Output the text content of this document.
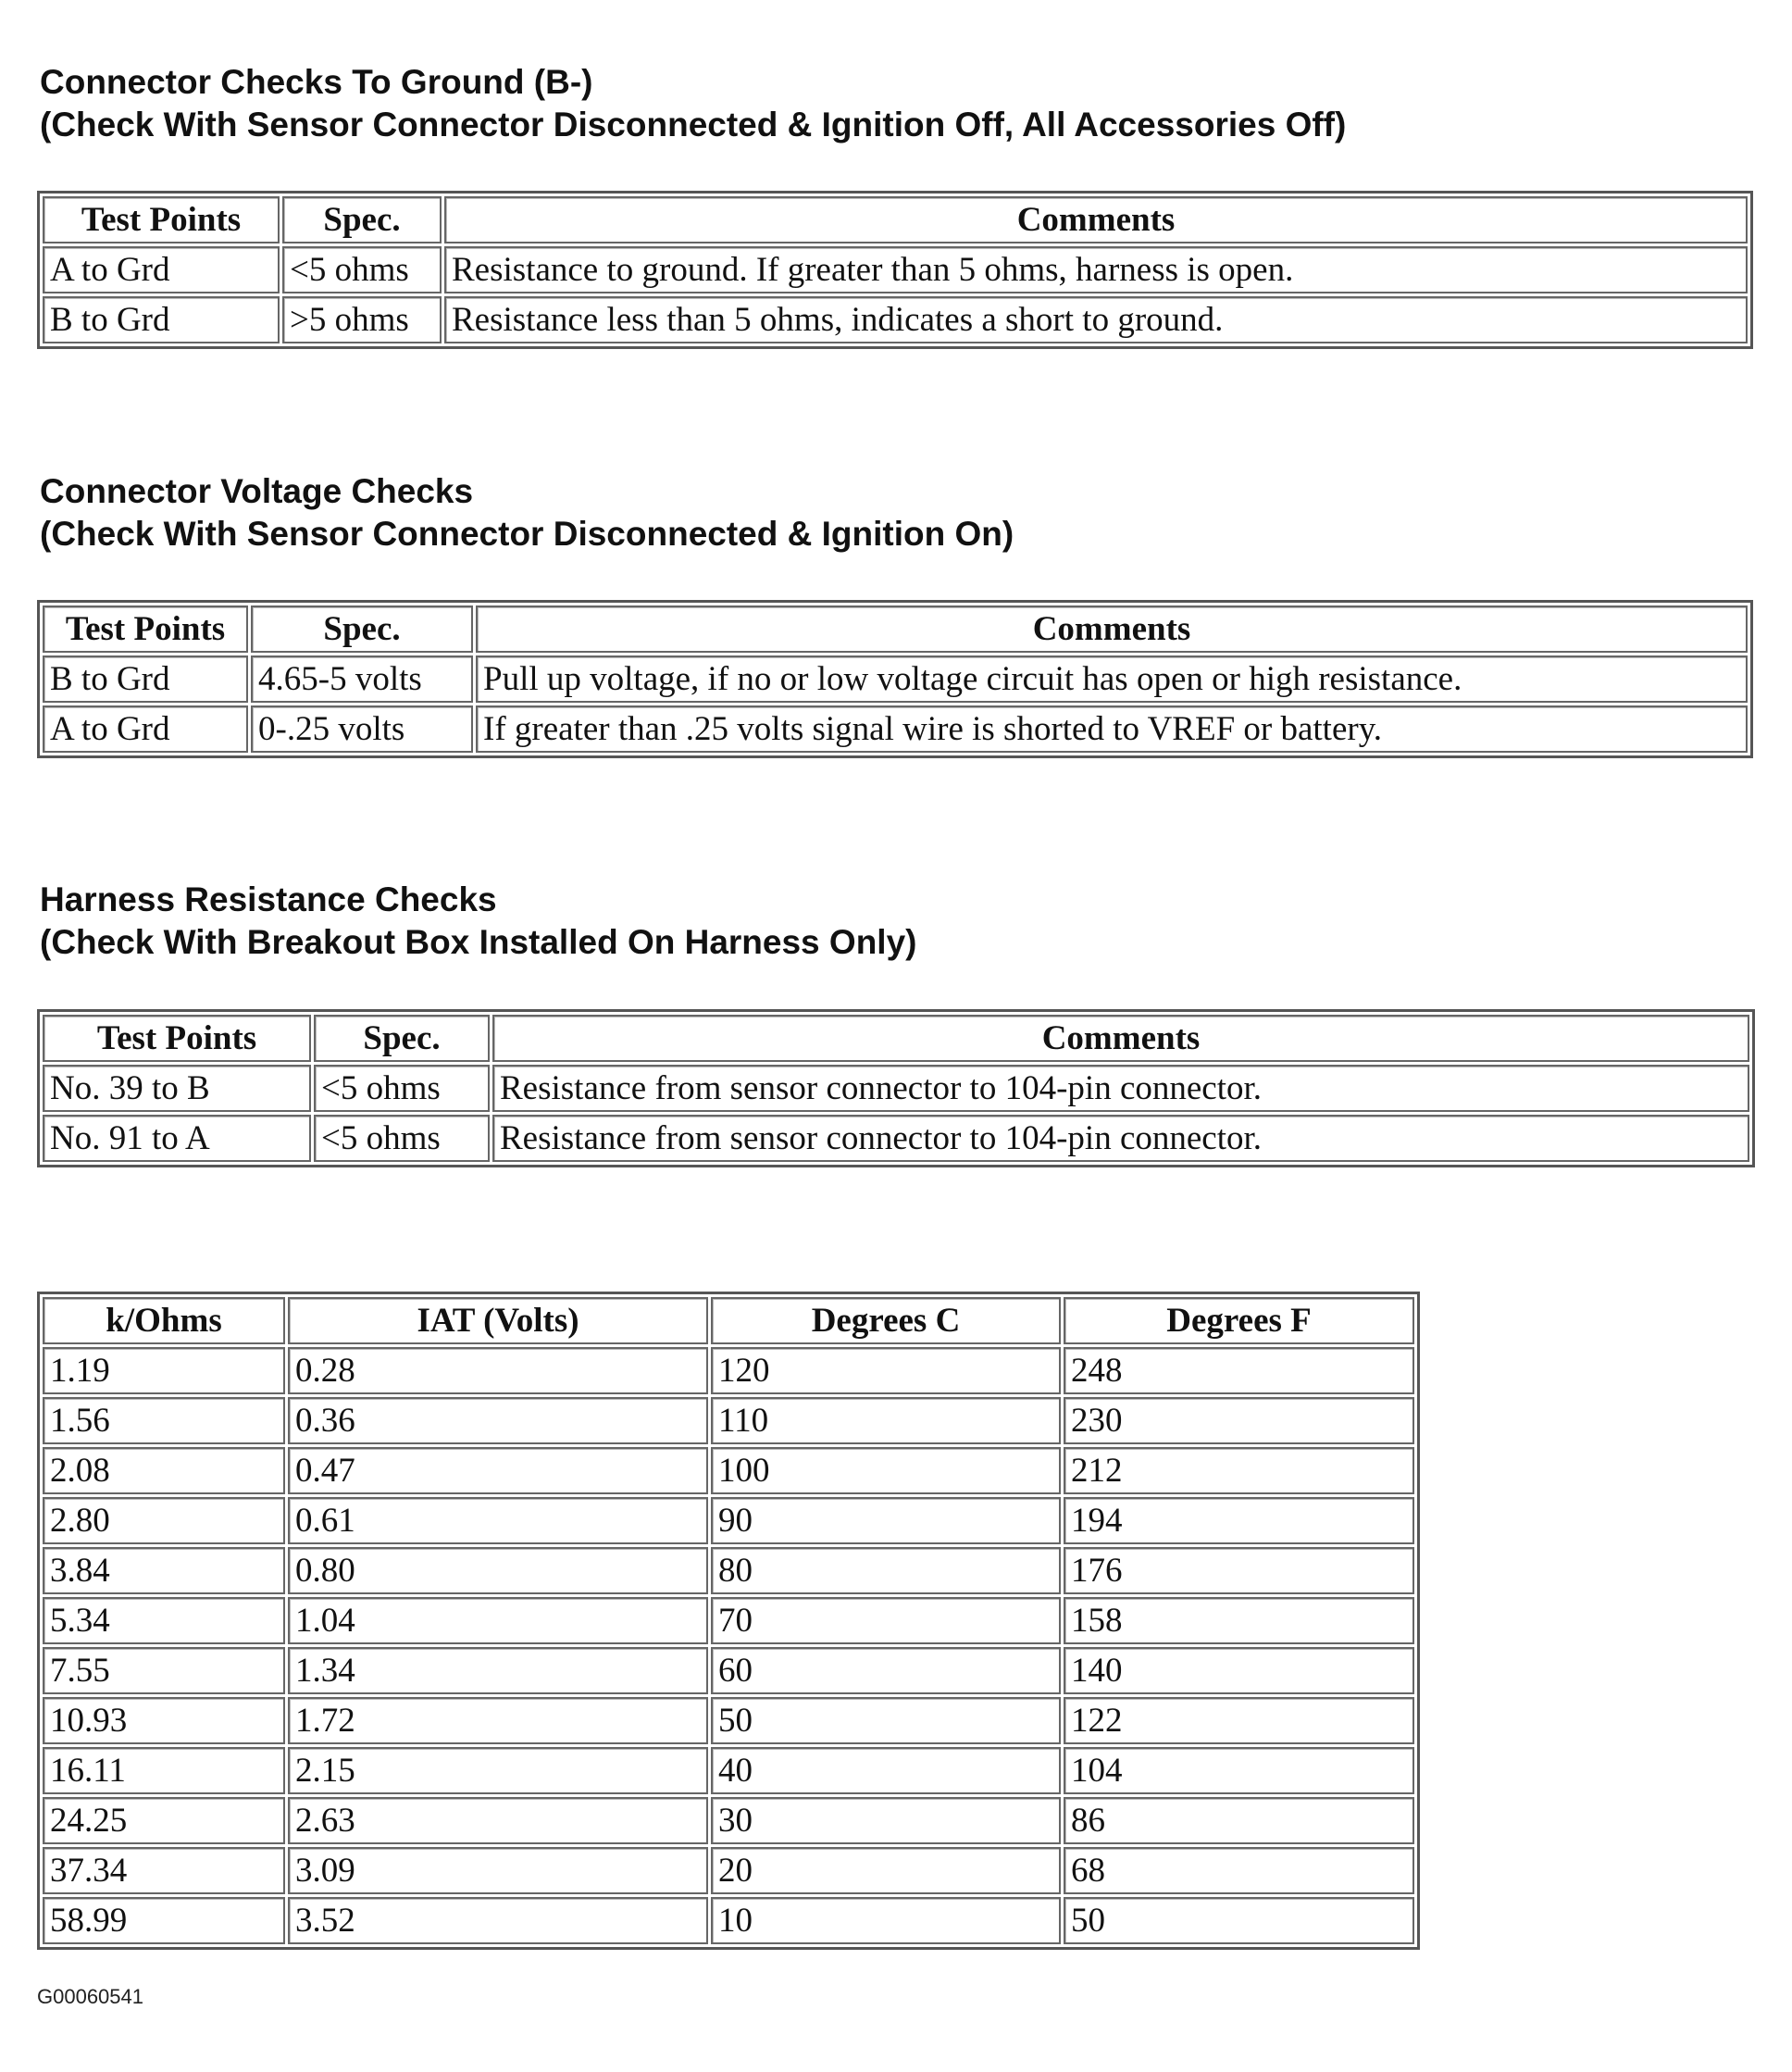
Connector Checks To Ground (B-)
(Check With Sensor Connector Disconnected & Ignition Off, All Accessories Off)
Test Points	Spec.	Comments
A to Grd	<5 ohms	Resistance to ground. If greater than 5 ohms, harness is open.
B to Grd	>5 ohms	Resistance less than 5 ohms, indicates a short to ground.
Connector Voltage Checks
(Check With Sensor Connector Disconnected & Ignition On)
Test Points	Spec.	Comments
B to Grd	4.65-5 volts	Pull up voltage, if no or low voltage circuit has open or high resistance.
A to Grd	0-.25 volts	If greater than .25 volts signal wire is shorted to VREF or battery.
Harness Resistance Checks
(Check With Breakout Box Installed On Harness Only)
Test Points	Spec.	Comments
No. 39 to B	<5 ohms	Resistance from sensor connector to 104-pin connector.
No. 91 to A	<5 ohms	Resistance from sensor connector to 104-pin connector.
k/Ohms	IAT (Volts)	Degrees C	Degrees F
1.19	0.28	120	248
1.56	0.36	110	230
2.08	0.47	100	212
2.80	0.61	90	194
3.84	0.80	80	176
5.34	1.04	70	158
7.55	1.34	60	140
10.93	1.72	50	122
16.11	2.15	40	104
24.25	2.63	30	86
37.34	3.09	20	68
58.99	3.52	10	50
G00060541
